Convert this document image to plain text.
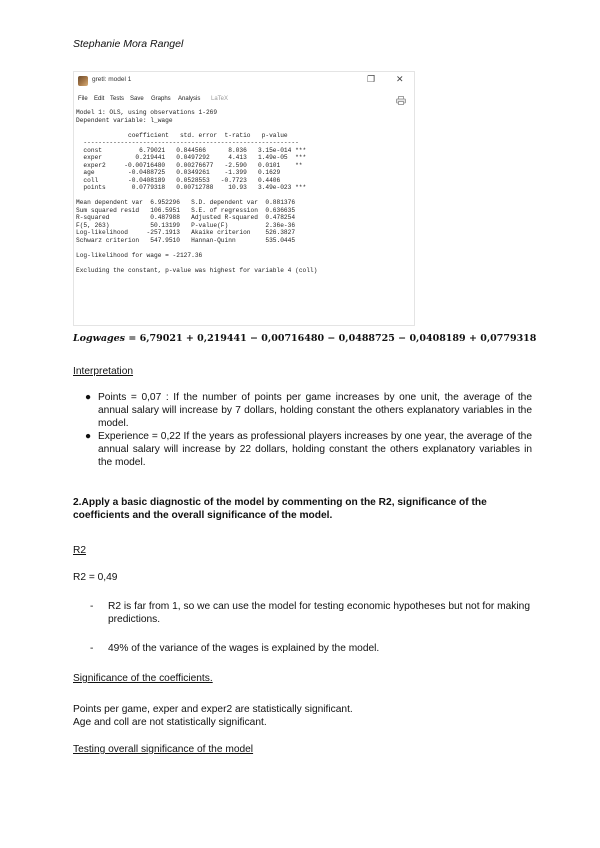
Stephanie Mora Rangel
gretl: model 1	❐ ✕
File Edit Tests Save Graphs Analysis LaTeX
Model 1: OLS, using observations 1-269
Dependent variable: l_wage

coefficient   std. error  t-ratio   p-value
----------------------------------------------------------
const          6.79021   0.844566      8.036   3.15e-014 ***
exper         0.219441   0.0497292     4.413   1.49e-05  ***
exper2     -0.00716480   0.00276677   -2.590   0.0101    **
age         -0.0488725   0.0349261    -1.399   0.1629
coll        -0.0408189   0.0528553   -0.7723   0.4406
points       0.0779318   0.00712788    10.93   3.49e-023 ***

Mean dependent var  6.952296   S.D. dependent var  0.881376
Sum squared resid   106.5951   S.E. of regression  0.636635
R-squared           0.487988   Adjusted R-squared  0.478254
F(5, 263)           50.13199   P-value(F)          2.36e-36
Log-likelihood     -257.1913   Akaike criterion    526.3827
Schwarz criterion   547.9510   Hannan-Quinn        535.0445

Log-likelihood for wage = -2127.36

Excluding the constant, p-value was highest for variable 4 (coll)
Logwages = 6,79021 + 0,219441 − 0,00716480 − 0,0488725 − 0,0408189 + 0,0779318
Interpretation
● Points = 0,07 : If the number of points per game increases by one unit, the average of the annual salary will increase by 7 dollars, holding constant the others explanatory variables in the model.
● Experience = 0,22 If the years as professional players increases by one year, the average of the annual salary will increase by 22 dollars, holding constant the others explanatory variables in the model.
2.Apply a basic diagnostic of the model by commenting on the R2, significance of the coefficients and the overall significance of the model.
R2
R2 = 0,49
-	R2 is far from 1, so we can use the model for testing economic hypotheses but not for making predictions.
-	49% of the variance of the wages is explained by the model.
Significance of the coefficients.
Points per game, exper and exper2 are statistically significant.
Age and coll are not statistically significant.
Testing overall significance of the model
